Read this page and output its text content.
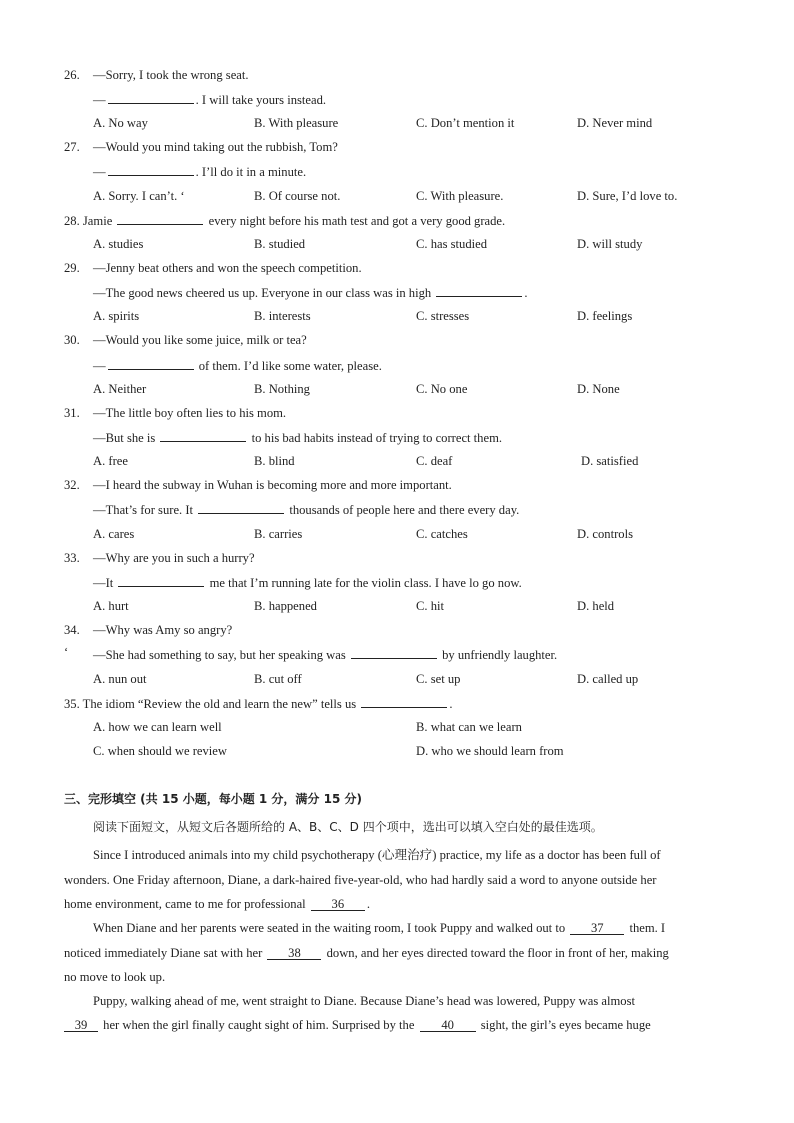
26. —Sorry, I took the wrong seat.
—	. I will take yours instead.
A. No way	B. With pleasure	C. Don’t mention it	D. Never mind
27. —Would you mind taking out the rubbish, Tom?
—	. I’ll do it in a minute.
A. Sorry. I can’t. ‘	B. Of course not.	C. With pleasure.	D. Sure, I’d love to.
28. Jamie	every night before his math test and got a very good grade.
A. studies	B. studied	C. has studied	D. will study
29. —Jenny beat others and won the speech competition.
—The good news cheered us up. Everyone in our class was in high	.
A. spirits	B. interests	C. stresses	D. feelings
30. —Would you like some juice, milk or tea?
—	of them. I’d like some water, please.
A. Neither	B. Nothing	C. No one	D. None
31. —The little boy often lies to his mom.
—But she is	to his bad habits instead of trying to correct them.
A. free	B. blind	C. deaf	D. satisfied
32. —I heard the subway in Wuhan is becoming more and more important.
—That’s for sure. It	thousands of people here and there every day.
A. cares	B. carries	C. catches	D. controls
33. —Why are you in such a hurry?
—It	me that I’m running late for the violin class. I have lo go now.
A. hurt	B. happened	C. hit	D. held
34. —Why was Amy so angry?
‘ —She had something to say, but her speaking was	by unfriendly laughter.
A. nun out	B. cut off	C. set up	D. called up
35. The idiom “Review the old and learn the new” tells us	.
A. how we can learn well	B. what can we learn
C. when should we review	D. who we should learn from
三、完形填空 (共 15 小题，每小题 1 分，满分 15 分)
阅读下面短文，从短文后各题所给的 A、B、C、D 四个项中，选出可以填入空白处的最佳选项。
Since I introduced animals into my child psychotherapy (心理治疗) practice, my life as a doctor has been full of
wonders. One Friday afternoon, Diane, a dark-haired five-year-old, who had hardly said a word to anyone outside her
home environment, came to me for professional 36 .
When Diane and her parents were seated in the waiting room, I took Puppy and walked out to 37 them. I
noticed immediately Diane sat with her 38 down, and her eyes directed toward the floor in front of her, making
no move to look up.
Puppy, walking ahead of me, went straight to Diane. Because Diane’s head was lowered, Puppy was almost
39 her when the girl finally caught sight of him. Surprised by the 40 sight, the girl’s eyes became huge
